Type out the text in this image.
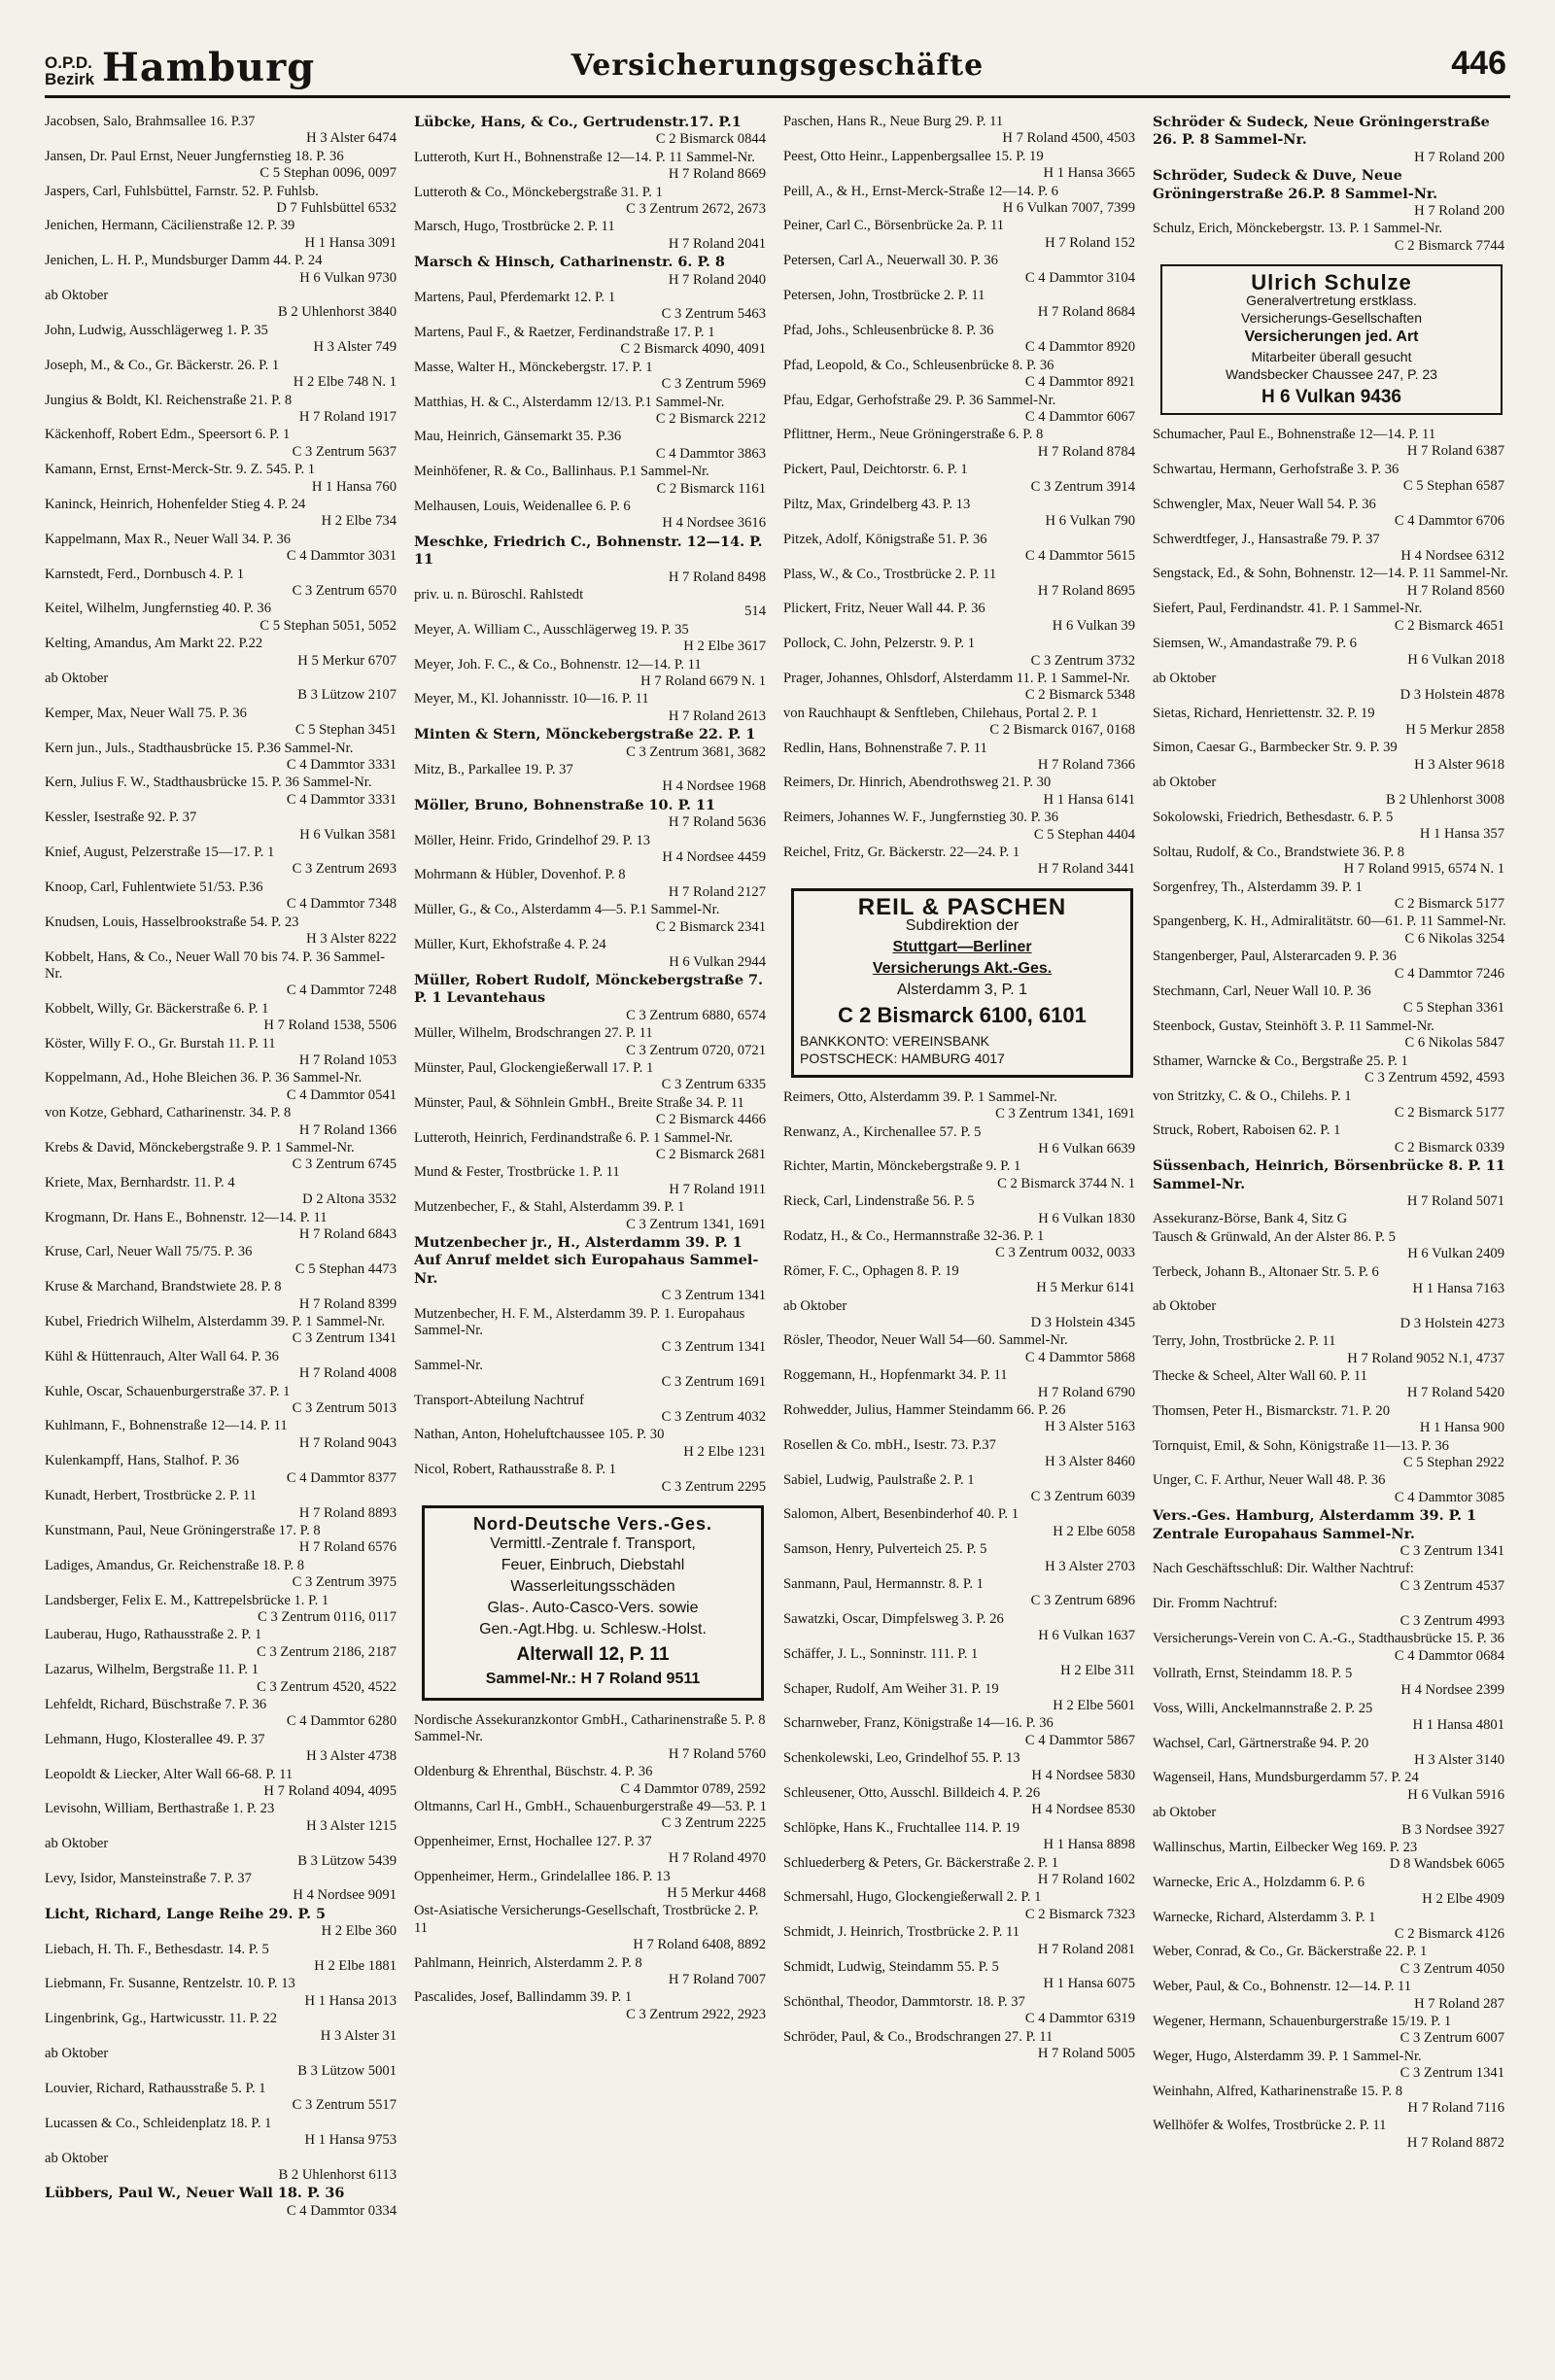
O.P.D.
Bezirk Hamburg	Versicherungsgeschäfte	446
Jacobsen, Salo, Brahmsallee 16. P.37
H 3 Alster 6474
Jansen, Dr. Paul Ernst, Neuer Jungfernstieg 18. P. 36
C 5 Stephan 0096, 0097
Jaspers, Carl, Fuhlsbüttel, Farnstr. 52. P. Fuhlsb.
D 7 Fuhlsbüttel 6532
Jenichen, Hermann, Cäcilienstraße 12. P. 39
H 1 Hansa 3091
Jenichen, L. H. P., Mundsburger Damm 44. P. 24
H 6 Vulkan 9730
ab Oktober
B 2 Uhlenhorst 3840
John, Ludwig, Ausschlägerweg 1. P. 35
H 3 Alster 749
Joseph, M., & Co., Gr. Bäckerstr. 26. P. 1
H 2 Elbe 748 N. 1
Jungius & Boldt, Kl. Reichenstraße 21. P. 8
H 7 Roland 1917
Käckenhoff, Robert Edm., Speersort 6. P. 1
C 3 Zentrum 5637
Kamann, Ernst, Ernst-Merck-Str. 9. Z. 545. P. 1
H 1 Hansa 760
Kaninck, Heinrich, Hohenfelder Stieg 4. P. 24
H 2 Elbe 734
Kappelmann, Max R., Neuer Wall 34. P. 36
C 4 Dammtor 3031
Karnstedt, Ferd., Dornbusch 4. P. 1
C 3 Zentrum 6570
Keitel, Wilhelm, Jungfernstieg 40. P. 36
C 5 Stephan 5051, 5052
Kelting, Amandus, Am Markt 22. P.22
H 5 Merkur 6707
ab Oktober
B 3 Lützow 2107
Kemper, Max, Neuer Wall 75. P. 36
C 5 Stephan 3451
Kern jun., Juls., Stadthausbrücke 15. P.36 Sammel-Nr.
C 4 Dammtor 3331
Kern, Julius F. W., Stadthausbrücke 15. P. 36 Sammel-Nr.
C 4 Dammtor 3331
Kessler, Isestraße 92. P. 37
H 6 Vulkan 3581
Knief, August, Pelzerstraße 15—17. P. 1
C 3 Zentrum 2693
Knoop, Carl, Fuhlentwiete 51/53. P.36
C 4 Dammtor 7348
Knudsen, Louis, Hasselbrookstraße 54. P. 23
H 3 Alster 8222
Kobbelt, Hans, & Co., Neuer Wall 70 bis 74. P. 36 Sammel-Nr.
C 4 Dammtor 7248
Kobbelt, Willy, Gr. Bäckerstraße 6. P. 1
H 7 Roland 1538, 5506
Köster, Willy F. O., Gr. Burstah 11. P. 11
H 7 Roland 1053
Koppelmann, Ad., Hohe Bleichen 36. P. 36 Sammel-Nr.
C 4 Dammtor 0541
von Kotze, Gebhard, Catharinenstr. 34. P. 8
H 7 Roland 1366
Krebs & David, Mönckebergstraße 9. P. 1 Sammel-Nr.
C 3 Zentrum 6745
Kriete, Max, Bernhardstr. 11. P. 4
D 2 Altona 3532
Krogmann, Dr. Hans E., Bohnenstr. 12—14. P. 11
H 7 Roland 6843
Kruse, Carl, Neuer Wall 75/75. P. 36
C 5 Stephan 4473
Kruse & Marchand, Brandstwiete 28. P. 8
H 7 Roland 8399
Kubel, Friedrich Wilhelm, Alsterdamm 39. P. 1 Sammel-Nr.
C 3 Zentrum 1341
Kühl & Hüttenrauch, Alter Wall 64. P. 36
H 7 Roland 4008
Kuhle, Oscar, Schauenburgerstraße 37. P. 1
C 3 Zentrum 5013
Kuhlmann, F., Bohnenstraße 12—14. P. 11
H 7 Roland 9043
Kulenkampff, Hans, Stalhof. P. 36
C 4 Dammtor 8377
Kunadt, Herbert, Trostbrücke 2. P. 11
H 7 Roland 8893
Kunstmann, Paul, Neue Gröningerstraße 17. P. 8
H 7 Roland 6576
Ladiges, Amandus, Gr. Reichenstraße 18. P. 8
C 3 Zentrum 3975
Landsberger, Felix E. M., Kattrepelsbrücke 1. P. 1
C 3 Zentrum 0116, 0117
Lauberau, Hugo, Rathausstraße 2. P. 1
C 3 Zentrum 2186, 2187
Lazarus, Wilhelm, Bergstraße 11. P. 1
C 3 Zentrum 4520, 4522
Lehfeldt, Richard, Büschstraße 7. P. 36
C 4 Dammtor 6280
Lehmann, Hugo, Klosterallee 49. P. 37
H 3 Alster 4738
Leopoldt & Liecker, Alter Wall 66-68. P. 11
H 7 Roland 4094, 4095
Levisohn, William, Berthastraße 1. P. 23
H 3 Alster 1215
ab Oktober
B 3 Lützow 5439
Levy, Isidor, Mansteinstraße 7. P. 37
H 4 Nordsee 9091
Licht, Richard, Lange Reihe 29. P. 5
H 2 Elbe 360
Liebach, H. Th. F., Bethesdastr. 14. P. 5
H 2 Elbe 1881
Liebmann, Fr. Susanne, Rentzelstr. 10. P. 13
H 1 Hansa 2013
Lingenbrink, Gg., Hartwicusstr. 11. P. 22
H 3 Alster 31
ab Oktober
B 3 Lützow 5001
Louvier, Richard, Rathausstraße 5. P. 1
C 3 Zentrum 5517
Lucassen & Co., Schleidenplatz 18. P. 1
H 1 Hansa 9753
ab Oktober
B 2 Uhlenhorst 6113
Lübbers, Paul W., Neuer Wall 18. P. 36
C 4 Dammtor 0334
Lübcke, Hans, & Co., Gertrudenstr.17. P.1
C 2 Bismarck 0844
Lutteroth, Kurt H., Bohnenstraße 12—14. P. 11 Sammel-Nr.
H 7 Roland 8669
Lutteroth & Co., Mönckebergstraße 31. P. 1
C 3 Zentrum 2672, 2673
Marsch, Hugo, Trostbrücke 2. P. 11
H 7 Roland 2041
Marsch & Hinsch, Catharinenstr. 6. P. 8
H 7 Roland 2040
Martens, Paul, Pferdemarkt 12. P. 1
C 3 Zentrum 5463
Martens, Paul F., & Raetzer, Ferdinandstraße 17. P. 1
C 2 Bismarck 4090, 4091
Masse, Walter H., Mönckebergstr. 17. P. 1
C 3 Zentrum 5969
Matthias, H. & C., Alsterdamm 12/13. P.1 Sammel-Nr.
C 2 Bismarck 2212
Mau, Heinrich, Gänsemarkt 35. P.36
C 4 Dammtor 3863
Meinhöfener, R. & Co., Ballinhaus. P.1 Sammel-Nr.
C 2 Bismarck 1161
Melhausen, Louis, Weidenallee 6. P. 6
H 4 Nordsee 3616
Meschke, Friedrich C., Bohnenstr. 12—14. P. 11
H 7 Roland 8498
priv. u. n. Büroschl. Rahlstedt
514
Meyer, A. William C., Ausschlägerweg 19. P. 35
H 2 Elbe 3617
Meyer, Joh. F. C., & Co., Bohnenstr. 12—14. P. 11
H 7 Roland 6679 N. 1
Meyer, M., Kl. Johannisstr. 10—16. P. 11
H 7 Roland 2613
Minten & Stern, Mönckebergstraße 22. P. 1
C 3 Zentrum 3681, 3682
Mitz, B., Parkallee 19. P. 37
H 4 Nordsee 1968
Möller, Bruno, Bohnenstraße 10. P. 11
H 7 Roland 5636
Möller, Heinr. Frido, Grindelhof 29. P. 13
H 4 Nordsee 4459
Mohrmann & Hübler, Dovenhof. P. 8
H 7 Roland 2127
Müller, G., & Co., Alsterdamm 4—5. P.1 Sammel-Nr.
C 2 Bismarck 2341
Müller, Kurt, Ekhofstraße 4. P. 24
H 6 Vulkan 2944
Müller, Robert Rudolf, Mönckebergstraße 7. P. 1 Levantehaus
C 3 Zentrum 6880, 6574
Müller, Wilhelm, Brodschrangen 27. P. 11
C 3 Zentrum 0720, 0721
Münster, Paul, Glockengießerwall 17. P. 1
C 3 Zentrum 6335
Münster, Paul, & Söhnlein GmbH., Breite Straße 34. P. 11
C 2 Bismarck 4466
Lutteroth, Heinrich, Ferdinandstraße 6. P. 1 Sammel-Nr.
C 2 Bismarck 2681
Mund & Fester, Trostbrücke 1. P. 11
H 7 Roland 1911
Mutzenbecher, F., & Stahl, Alsterdamm 39. P. 1
C 3 Zentrum 1341, 1691
Mutzenbecher jr., H., Alsterdamm 39. P. 1 Auf Anruf meldet sich Europahaus Sammel-Nr.
C 3 Zentrum 1341
Mutzenbecher, H. F. M., Alsterdamm 39. P. 1. Europahaus Sammel-Nr.
C 3 Zentrum 1341
Sammel-Nr.
C 3 Zentrum 1691
Transport-Abteilung Nachtruf
C 3 Zentrum 4032
Nathan, Anton, Hoheluftchaussee 105. P. 30
H 2 Elbe 1231
Nicol, Robert, Rathausstraße 8. P. 1
C 3 Zentrum 2295
Nord-Deutsche Vers.-Ges.
Vermittl.-Zentrale f. Transport,
Feuer, Einbruch, Diebstahl
Wasserleitungsschäden
Glas-. Auto-Casco-Vers. sowie
Gen.-Agt.Hbg. u. Schlesw.-Holst.
Alterwall 12, P. 11
Sammel-Nr.: H 7 Roland 9511
Nordische Assekuranzkontor GmbH., Catharinenstraße 5. P. 8 Sammel-Nr.
H 7 Roland 5760
Oldenburg & Ehrenthal, Büschstr. 4. P. 36
C 4 Dammtor 0789, 2592
Oltmanns, Carl H., GmbH., Schauenburgerstraße 49—53. P. 1
C 3 Zentrum 2225
Oppenheimer, Ernst, Hochallee 127. P. 37
H 7 Roland 4970
Oppenheimer, Herm., Grindelallee 186. P. 13
H 5 Merkur 4468
Ost-Asiatische Versicherungs-Gesellschaft, Trostbrücke 2. P. 11
H 7 Roland 6408, 8892
Pahlmann, Heinrich, Alsterdamm 2. P. 8
H 7 Roland 7007
Pascalides, Josef, Ballindamm 39. P. 1
C 3 Zentrum 2922, 2923
Paschen, Hans R., Neue Burg 29. P. 11
H 7 Roland 4500, 4503
Peest, Otto Heinr., Lappenbergsallee 15. P. 19
H 1 Hansa 3665
Peill, A., & H., Ernst-Merck-Straße 12—14. P. 6
H 6 Vulkan 7007, 7399
Peiner, Carl C., Börsenbrücke 2a. P. 11
H 7 Roland 152
Petersen, Carl A., Neuerwall 30. P. 36
C 4 Dammtor 3104
Petersen, John, Trostbrücke 2. P. 11
H 7 Roland 8684
Pfad, Johs., Schleusenbrücke 8. P. 36
C 4 Dammtor 8920
Pfad, Leopold, & Co., Schleusenbrücke 8. P. 36
C 4 Dammtor 8921
Pfau, Edgar, Gerhofstraße 29. P. 36 Sammel-Nr.
C 4 Dammtor 6067
Pflittner, Herm., Neue Gröningerstraße 6. P. 8
H 7 Roland 8784
Pickert, Paul, Deichtorstr. 6. P. 1
C 3 Zentrum 3914
Piltz, Max, Grindelberg 43. P. 13
H 6 Vulkan 790
Pitzek, Adolf, Königstraße 51. P. 36
C 4 Dammtor 5615
Plass, W., & Co., Trostbrücke 2. P. 11
H 7 Roland 8695
Plickert, Fritz, Neuer Wall 44. P. 36
H 6 Vulkan 39
Pollock, C. John, Pelzerstr. 9. P. 1
C 3 Zentrum 3732
Prager, Johannes, Ohlsdorf, Alsterdamm 11. P. 1 Sammel-Nr.
C 2 Bismarck 5348
von Rauchhaupt & Senftleben, Chilehaus, Portal 2. P. 1
C 2 Bismarck 0167, 0168
Redlin, Hans, Bohnenstraße 7. P. 11
H 7 Roland 7366
Reimers, Dr. Hinrich, Abendrothsweg 21. P. 30
H 1 Hansa 6141
Reimers, Johannes W. F., Jungfernstieg 30. P. 36
C 5 Stephan 4404
Reichel, Fritz, Gr. Bäckerstr. 22—24. P. 1
H 7 Roland 3441
REIL & PASCHEN
Subdirektion der
Stuttgart—Berliner
Versicherungs Akt.-Ges.
Alsterdamm 3, P. 1
C 2 Bismarck 6100, 6101
BANKKONTO: VEREINSBANK
POSTSCHECK: HAMBURG 4017
Reimers, Otto, Alsterdamm 39. P. 1 Sammel-Nr.
C 3 Zentrum 1341, 1691
Renwanz, A., Kirchenallee 57. P. 5
H 6 Vulkan 6639
Richter, Martin, Mönckebergstraße 9. P. 1
C 2 Bismarck 3744 N. 1
Rieck, Carl, Lindenstraße 56. P. 5
H 6 Vulkan 1830
Rodatz, H., & Co., Hermannstraße 32-36. P. 1
C 3 Zentrum 0032, 0033
Römer, F. C., Ophagen 8. P. 19
H 5 Merkur 6141
ab Oktober
D 3 Holstein 4345
Rösler, Theodor, Neuer Wall 54—60. Sammel-Nr.
C 4 Dammtor 5868
Roggemann, H., Hopfenmarkt 34. P. 11
H 7 Roland 6790
Rohwedder, Julius, Hammer Steindamm 66. P. 26
H 3 Alster 5163
Rosellen & Co. mbH., Isestr. 73. P.37
H 3 Alster 8460
Sabiel, Ludwig, Paulstraße 2. P. 1
C 3 Zentrum 6039
Salomon, Albert, Besenbinderhof 40. P. 1
H 2 Elbe 6058
Samson, Henry, Pulverteich 25. P. 5
H 3 Alster 2703
Sanmann, Paul, Hermannstr. 8. P. 1
C 3 Zentrum 6896
Sawatzki, Oscar, Dimpfelsweg 3. P. 26
H 6 Vulkan 1637
Schäffer, J. L., Sonninstr. 111. P. 1
H 2 Elbe 311
Schaper, Rudolf, Am Weiher 31. P. 19
H 2 Elbe 5601
Scharnweber, Franz, Königstraße 14—16. P. 36
C 4 Dammtor 5867
Schenkolewski, Leo, Grindelhof 55. P. 13
H 4 Nordsee 5830
Schleusener, Otto, Ausschl. Billdeich 4. P. 26
H 4 Nordsee 8530
Schlöpke, Hans K., Fruchtallee 114. P. 19
H 1 Hansa 8898
Schluederberg & Peters, Gr. Bäckerstraße 2. P. 1
H 7 Roland 1602
Schmersahl, Hugo, Glockengießerwall 2. P. 1
C 2 Bismarck 7323
Schmidt, J. Heinrich, Trostbrücke 2. P. 11
H 7 Roland 2081
Schmidt, Ludwig, Steindamm 55. P. 5
H 1 Hansa 6075
Schönthal, Theodor, Dammtorstr. 18. P. 37
C 4 Dammtor 6319
Schröder, Paul, & Co., Brodschrangen 27. P. 11
H 7 Roland 5005
Schröder & Sudeck, Neue Gröningerstraße 26. P. 8 Sammel-Nr.
H 7 Roland 200
Schröder, Sudeck & Duve, Neue Gröningerstraße 26.P. 8 Sammel-Nr.
H 7 Roland 200
Schulz, Erich, Mönckebergstr. 13. P. 1 Sammel-Nr.
C 2 Bismarck 7744
Ulrich Schulze
Generalvertretung erstklass.
Versicherungs-Gesellschaften
Versicherungen jed. Art
Mitarbeiter überall gesucht
Wandsbecker Chaussee 247, P. 23
H 6 Vulkan 9436
Schumacher, Paul E., Bohnenstraße 12—14. P. 11
H 7 Roland 6387
Schwartau, Hermann, Gerhofstraße 3. P. 36
C 5 Stephan 6587
Schwengler, Max, Neuer Wall 54. P. 36
C 4 Dammtor 6706
Schwerdtfeger, J., Hansastraße 79. P. 37
H 4 Nordsee 6312
Sengstack, Ed., & Sohn, Bohnenstr. 12—14. P. 11 Sammel-Nr.
H 7 Roland 8560
Siefert, Paul, Ferdinandstr. 41. P. 1 Sammel-Nr.
C 2 Bismarck 4651
Siemsen, W., Amandastraße 79. P. 6
H 6 Vulkan 2018
ab Oktober
D 3 Holstein 4878
Sietas, Richard, Henriettenstr. 32. P. 19
H 5 Merkur 2858
Simon, Caesar G., Barmbecker Str. 9. P. 39
H 3 Alster 9618
ab Oktober
B 2 Uhlenhorst 3008
Sokolowski, Friedrich, Bethesdastr. 6. P. 5
H 1 Hansa 357
Soltau, Rudolf, & Co., Brandstwiete 36. P. 8
H 7 Roland 9915, 6574 N. 1
Sorgenfrey, Th., Alsterdamm 39. P. 1
C 2 Bismarck 5177
Spangenberg, K. H., Admiralitätstr. 60—61. P. 11 Sammel-Nr.
C 6 Nikolas 3254
Stangenberger, Paul, Alsterarcaden 9. P. 36
C 4 Dammtor 7246
Stechmann, Carl, Neuer Wall 10. P. 36
C 5 Stephan 3361
Steenbock, Gustav, Steinhöft 3. P. 11 Sammel-Nr.
C 6 Nikolas 5847
Sthamer, Warncke & Co., Bergstraße 25. P. 1
C 3 Zentrum 4592, 4593
von Stritzky, C. & O., Chilehs. P. 1
C 2 Bismarck 5177
Struck, Robert, Raboisen 62. P. 1
C 2 Bismarck 0339
Süssenbach, Heinrich, Börsenbrücke 8. P. 11 Sammel-Nr.
H 7 Roland 5071
Assekuranz-Börse, Bank 4, Sitz G
Tausch & Grünwald, An der Alster 86. P. 5
H 6 Vulkan 2409
Terbeck, Johann B., Altonaer Str. 5. P. 6
H 1 Hansa 7163
ab Oktober
D 3 Holstein 4273
Terry, John, Trostbrücke 2. P. 11
H 7 Roland 9052 N.1, 4737
Thecke & Scheel, Alter Wall 60. P. 11
H 7 Roland 5420
Thomsen, Peter H., Bismarckstr. 71. P. 20
H 1 Hansa 900
Tornquist, Emil, & Sohn, Königstraße 11—13. P. 36
C 5 Stephan 2922
Unger, C. F. Arthur, Neuer Wall 48. P. 36
C 4 Dammtor 3085
Vers.-Ges. Hamburg, Alsterdamm 39. P. 1 Zentrale Europahaus Sammel-Nr.
C 3 Zentrum 1341
Nach Geschäftsschluß: Dir. Walther Nachtruf:
C 3 Zentrum 4537
Dir. Fromm Nachtruf:
C 3 Zentrum 4993
Versicherungs-Verein von C. A.-G., Stadthausbrücke 15. P. 36
C 4 Dammtor 0684
Vollrath, Ernst, Steindamm 18. P. 5
H 4 Nordsee 2399
Voss, Willi, Anckelmannstraße 2. P. 25
H 1 Hansa 4801
Wachsel, Carl, Gärtnerstraße 94. P. 20
H 3 Alster 3140
Wagenseil, Hans, Mundsburgerdamm 57. P. 24
H 6 Vulkan 5916
ab Oktober
B 3 Nordsee 3927
Wallinschus, Martin, Eilbecker Weg 169. P. 23
D 8 Wandsbek 6065
Warnecke, Eric A., Holzdamm 6. P. 6
H 2 Elbe 4909
Warnecke, Richard, Alsterdamm 3. P. 1
C 2 Bismarck 4126
Weber, Conrad, & Co., Gr. Bäckerstraße 22. P. 1
C 3 Zentrum 4050
Weber, Paul, & Co., Bohnenstr. 12—14. P. 11
H 7 Roland 287
Wegener, Hermann, Schauenburgerstraße 15/19. P. 1
C 3 Zentrum 6007
Weger, Hugo, Alsterdamm 39. P. 1 Sammel-Nr.
C 3 Zentrum 1341
Weinhahn, Alfred, Katharinenstraße 15. P. 8
H 7 Roland 7116
Wellhöfer & Wolfes, Trostbrücke 2. P. 11
H 7 Roland 8872
